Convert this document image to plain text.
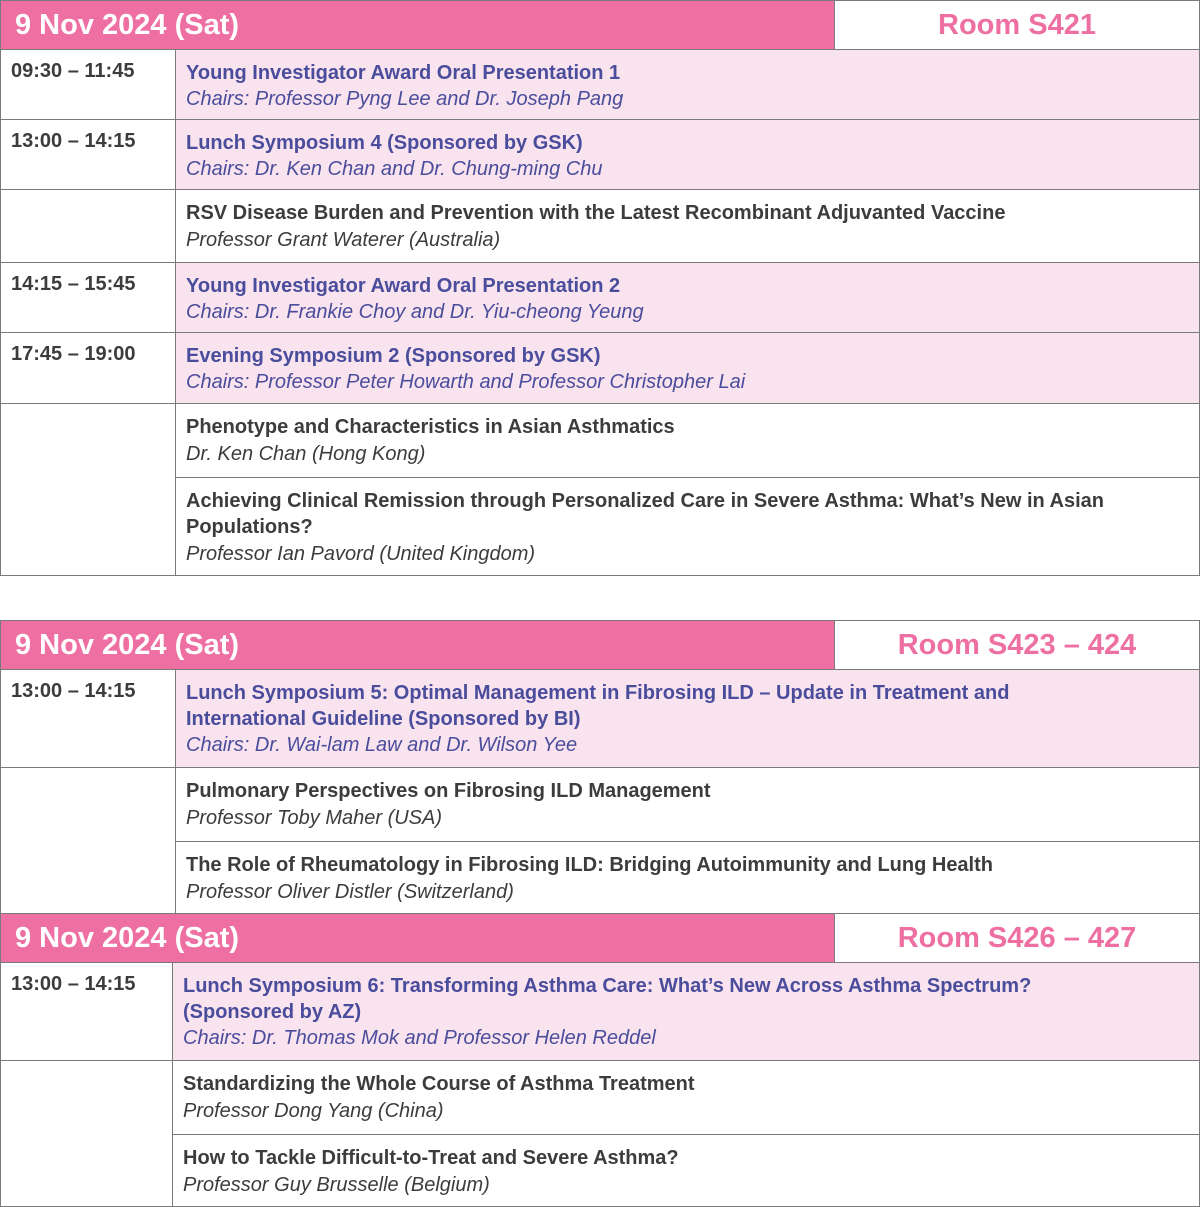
9 Nov 2024 (Sat)	Room S421
09:30 – 11:45	Young Investigator Award Oral Presentation 1
Chairs: Professor Pyng Lee and Dr. Joseph Pang
13:00 – 14:15	Lunch Symposium 4 (Sponsored by GSK)
Chairs: Dr. Ken Chan and Dr. Chung-ming Chu
RSV Disease Burden and Prevention with the Latest Recombinant Adjuvanted Vaccine
Professor Grant Waterer (Australia)
14:15 – 15:45	Young Investigator Award Oral Presentation 2
Chairs: Dr. Frankie Choy and Dr. Yiu-cheong Yeung
17:45 – 19:00	Evening Symposium 2 (Sponsored by GSK)
Chairs: Professor Peter Howarth and Professor Christopher Lai
Phenotype and Characteristics in Asian Asthmatics
Dr. Ken Chan (Hong Kong)
Achieving Clinical Remission through Personalized Care in Severe Asthma: What’s New in Asian
Populations?
Professor Ian Pavord (United Kingdom)
9 Nov 2024 (Sat)	Room S423 – 424
13:00 – 14:15	Lunch Symposium 5: Optimal Management in Fibrosing ILD – Update in Treatment and
International Guideline (Sponsored by BI)
Chairs: Dr. Wai-lam Law and Dr. Wilson Yee
Pulmonary Perspectives on Fibrosing ILD Management
Professor Toby Maher (USA)
The Role of Rheumatology in Fibrosing ILD: Bridging Autoimmunity and Lung Health
Professor Oliver Distler (Switzerland)
9 Nov 2024 (Sat)	Room S426 – 427
13:00 – 14:15	Lunch Symposium 6: Transforming Asthma Care: What’s New Across Asthma Spectrum?
(Sponsored by AZ)
Chairs: Dr. Thomas Mok and Professor Helen Reddel
Standardizing the Whole Course of Asthma Treatment
Professor Dong Yang (China)
How to Tackle Difficult-to-Treat and Severe Asthma?
Professor Guy Brusselle (Belgium)
